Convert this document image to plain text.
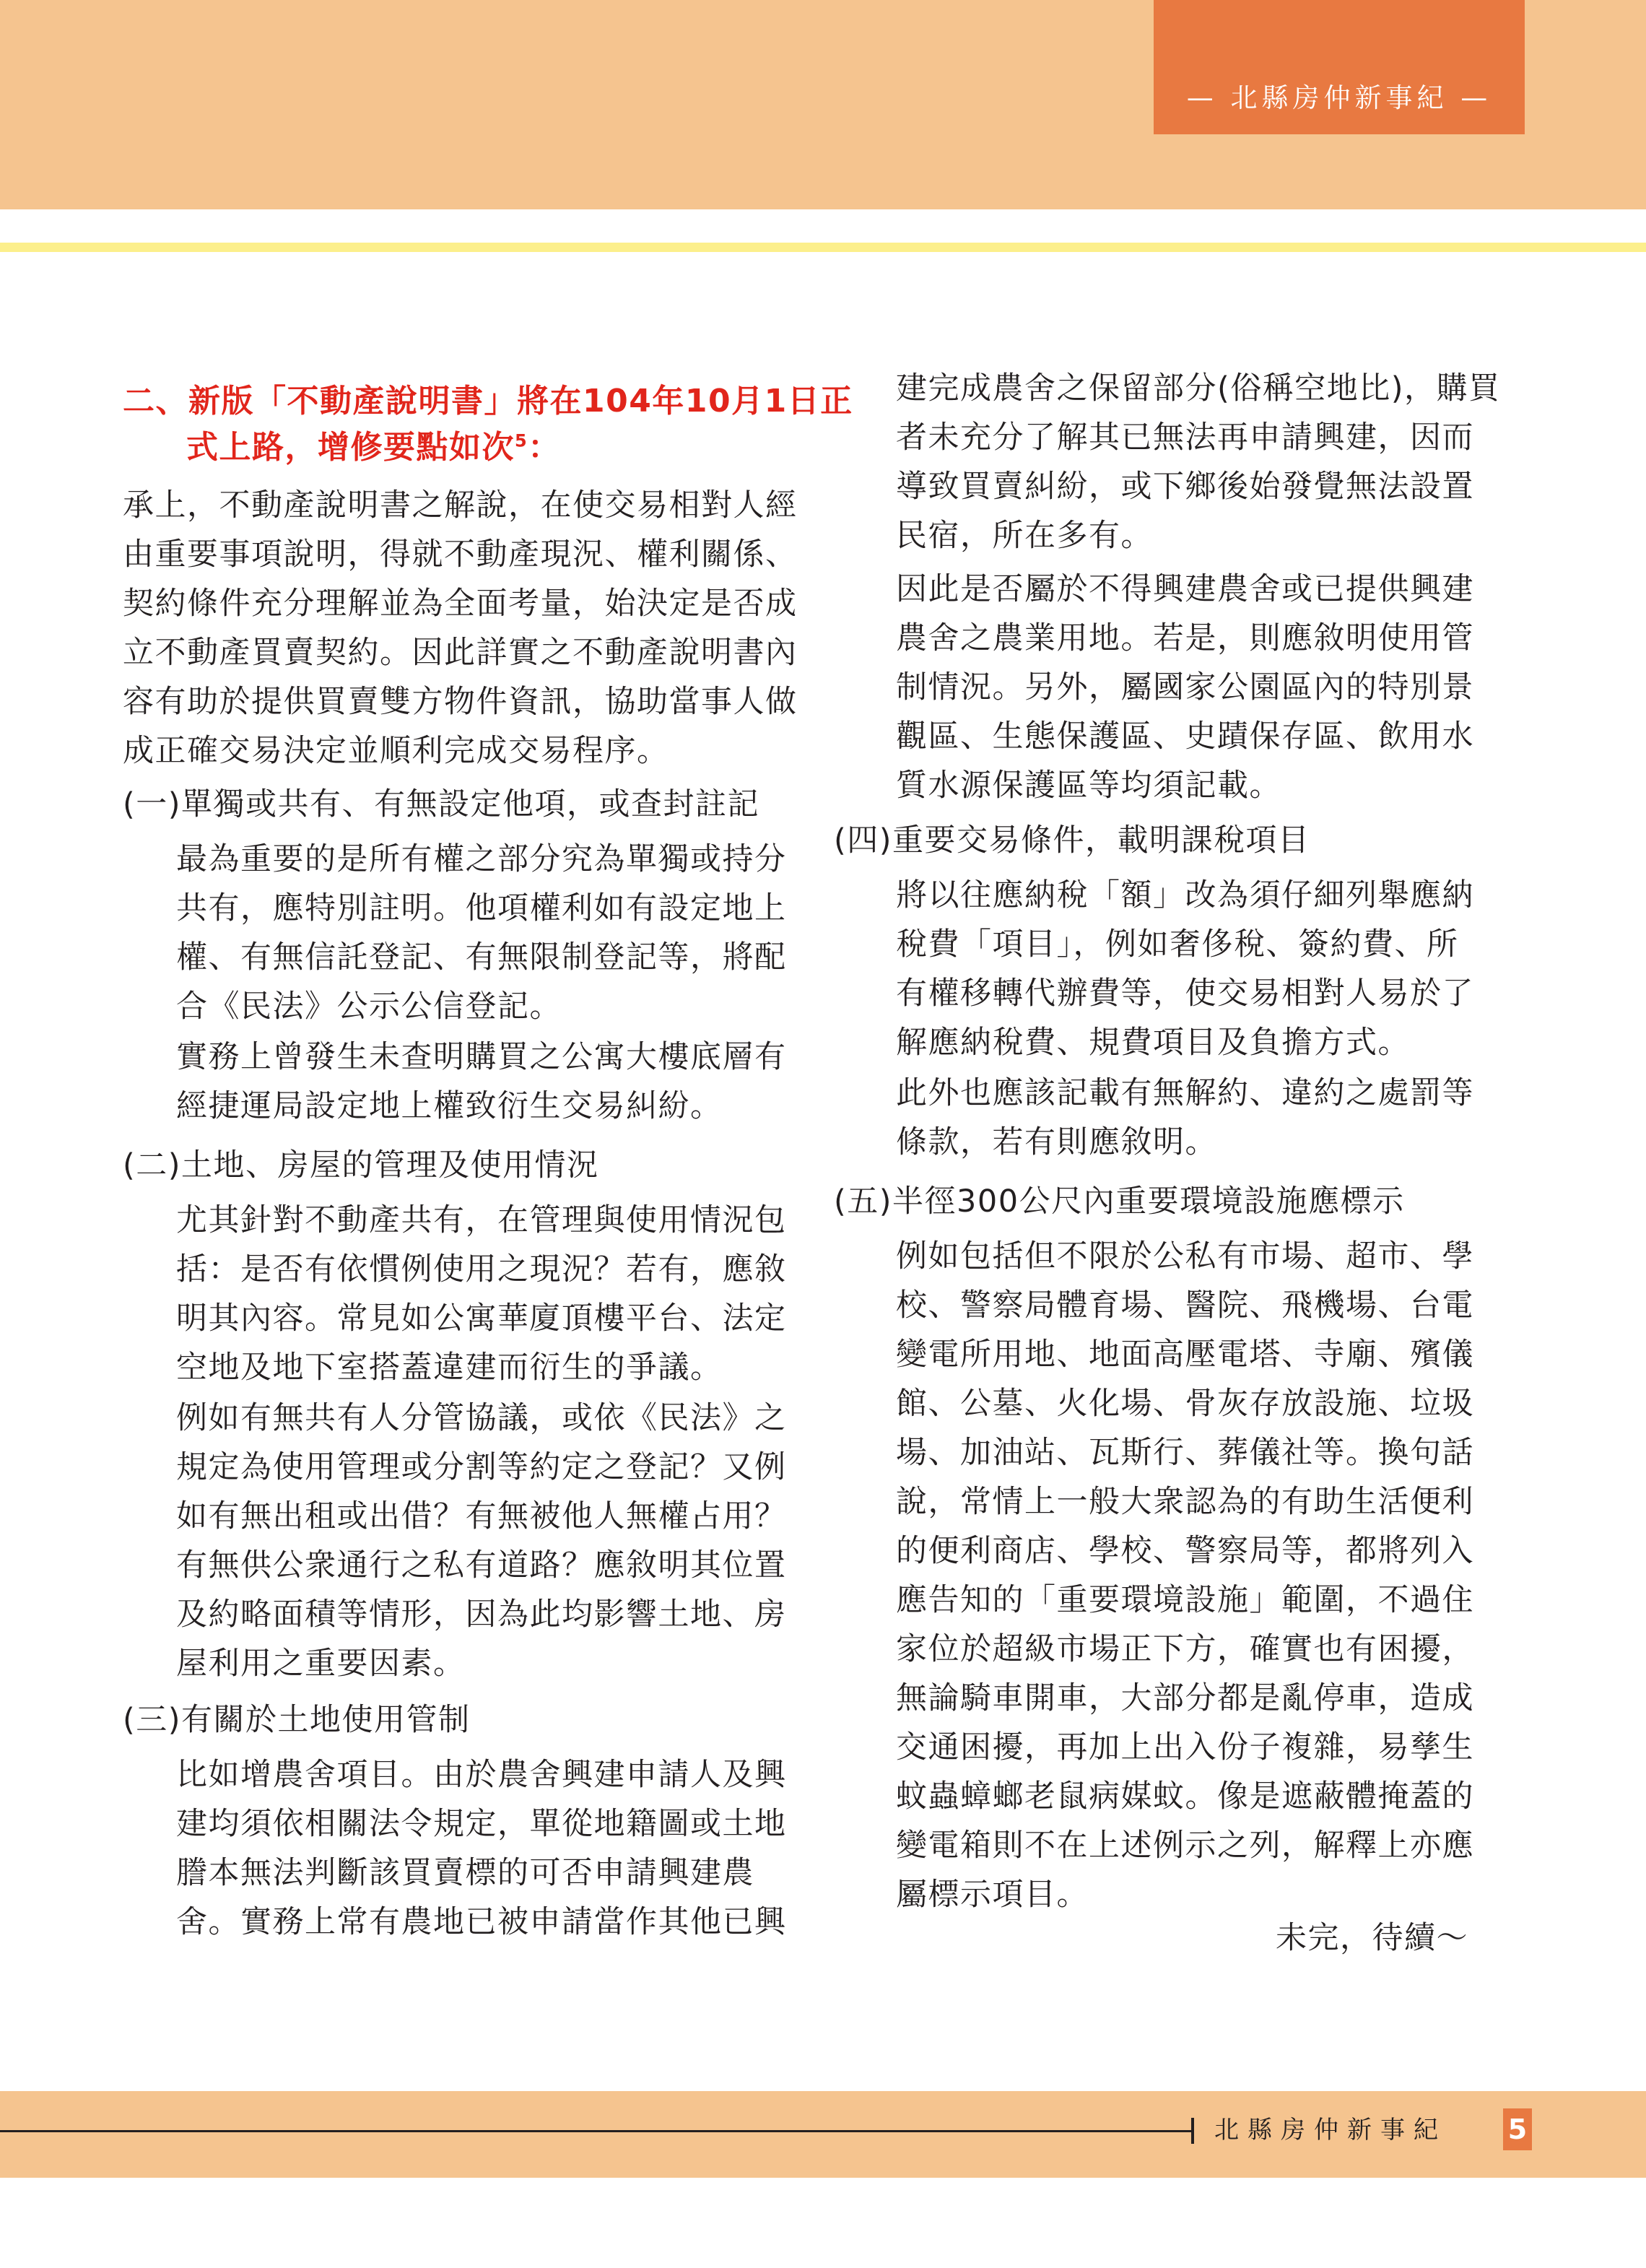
— 北縣房仲新事紀 —
二、新版「不動產說明書」將在104年10月1日正
式上路，增修要點如次$^5$：
承上，不動產說明書之解說，在使交易相對人經
由重要事項說明，得就不動產現況、權利關係、
契約條件充分理解並為全面考量，始決定是否成
立不動產買賣契約。因此詳實之不動產說明書內
容有助於提供買賣雙方物件資訊，協助當事人做
成正確交易決定並順利完成交易程序。
(一)單獨或共有、有無設定他項，或查封註記
最為重要的是所有權之部分究為單獨或持分
共有，應特別註明。他項權利如有設定地上
權、有無信託登記、有無限制登記等，將配
合《民法》公示公信登記。
實務上曾發生未查明購買之公寓大樓底層有
經捷運局設定地上權致衍生交易糾紛。
(二)土地、房屋的管理及使用情況
尤其針對不動產共有，在管理與使用情況包
括：是否有依慣例使用之現況？若有，應敘
明其內容。常見如公寓華廈頂樓平台、法定
空地及地下室搭蓋違建而衍生的爭議。
例如有無共有人分管協議，或依《民法》之
規定為使用管理或分割等約定之登記？又例
如有無出租或出借？有無被他人無權占用？
有無供公衆通行之私有道路？應敘明其位置
及約略面積等情形，因為此均影響土地、房
屋利用之重要因素。
(三)有關於土地使用管制
比如增農舍項目。由於農舍興建申請人及興
建均須依相關法令規定，單從地籍圖或土地
謄本無法判斷該買賣標的可否申請興建農
舍。實務上常有農地已被申請當作其他已興
建完成農舍之保留部分(俗稱空地比)，購買
者未充分了解其已無法再申請興建，因而
導致買賣糾紛，或下鄉後始發覺無法設置
民宿，所在多有。
因此是否屬於不得興建農舍或已提供興建
農舍之農業用地。若是，則應敘明使用管
制情況。另外，屬國家公園區內的特別景
觀區、生態保護區、史蹟保存區、飲用水
質水源保護區等均須記載。
(四)重要交易條件，載明課稅項目
將以往應納稅「額」改為須仔細列舉應納
稅費「項目」，例如奢侈稅、簽約費、所
有權移轉代辦費等，使交易相對人易於了
解應納稅費、規費項目及負擔方式。
此外也應該記載有無解約、違約之處罰等
條款，若有則應敘明。
(五)半徑300公尺內重要環境設施應標示
例如包括但不限於公私有市場、超市、學
校、警察局體育場、醫院、飛機場、台電
變電所用地、地面高壓電塔、寺廟、殯儀
館、公墓、火化場、骨灰存放設施、垃圾
場、加油站、瓦斯行、葬儀社等。換句話
說，常情上一般大衆認為的有助生活便利
的便利商店、學校、警察局等，都將列入
應告知的「重要環境設施」範圍，不過住
家位於超級市場正下方，確實也有困擾，
無論騎車開車，大部分都是亂停車，造成
交通困擾，再加上出入份子複雜，易孳生
蚊蟲蟑螂老鼠病媒蚊。像是遮蔽體掩蓋的
變電箱則不在上述例示之列，解釋上亦應
屬標示項目。
未完，待續～
北縣房仲新事紀 5
